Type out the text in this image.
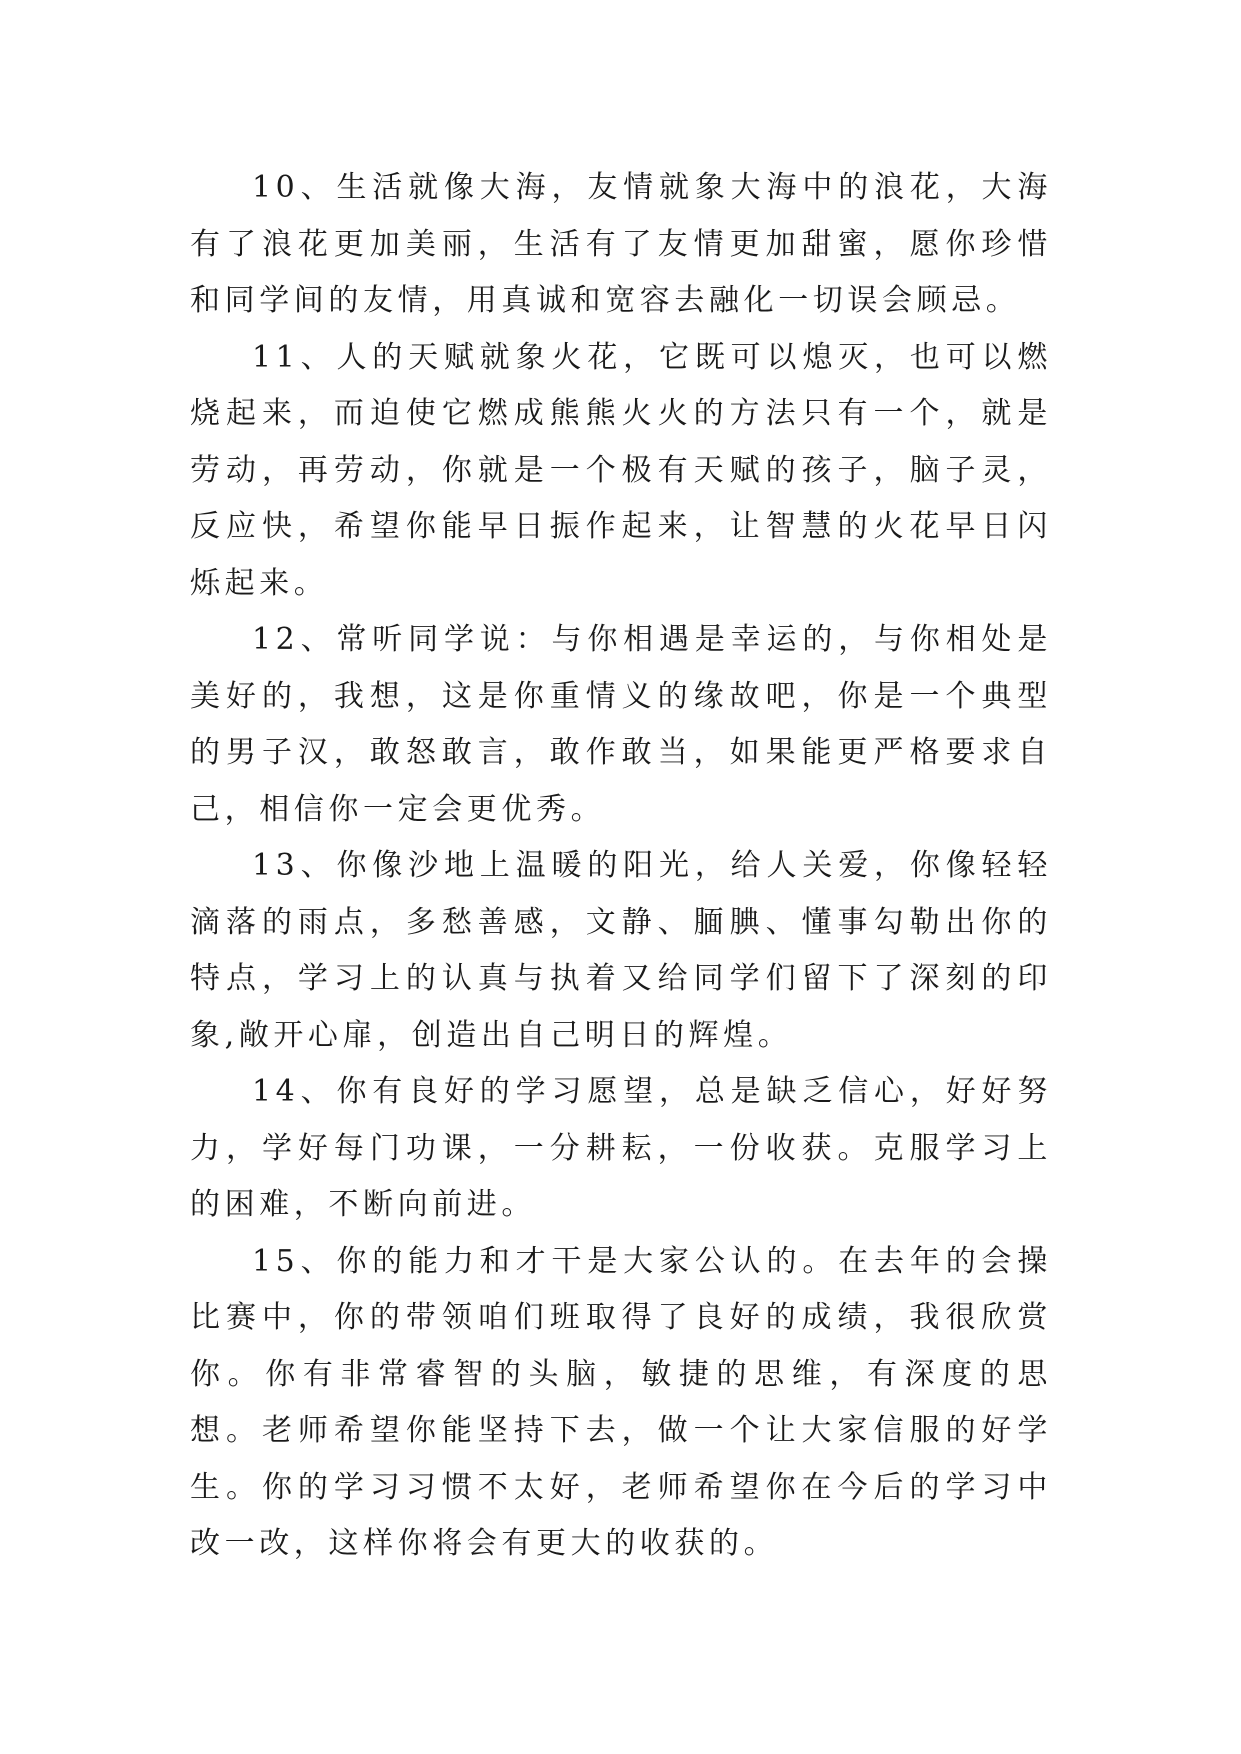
10、生活就像大海，友情就象大海中的浪花，大海有了浪花更加美丽，生活有了友情更加甜蜜，愿你珍惜和同学间的友情，用真诚和宽容去融化一切误会顾忌。

11、人的天赋就象火花，它既可以熄灭，也可以燃烧起来，而迫使它燃成熊熊火火的方法只有一个，就是劳动，再劳动，你就是一个极有天赋的孩子，脑子灵，反应快，希望你能早日振作起来，让智慧的火花早日闪烁起来。

12、常听同学说：与你相遇是幸运的，与你相处是美好的，我想，这是你重情义的缘故吧，你是一个典型的男子汉，敢怒敢言，敢作敢当，如果能更严格要求自己，相信你一定会更优秀。

13、你像沙地上温暖的阳光，给人关爱，你像轻轻滴落的雨点，多愁善感，文静、腼腆、懂事勾勒出你的特点，学习上的认真与执着又给同学们留下了深刻的印象,敞开心扉，创造出自己明日的辉煌。

14、你有良好的学习愿望，总是缺乏信心，好好努力，学好每门功课，一分耕耘，一份收获。克服学习上的困难，不断向前进。

15、你的能力和才干是大家公认的。在去年的会操比赛中，你的带领咱们班取得了良好的成绩，我很欣赏你。你有非常睿智的头脑，敏捷的思维，有深度的思想。老师希望你能坚持下去，做一个让大家信服的好学生。你的学习习惯不太好，老师希望你在今后的学习中改一改，这样你将会有更大的收获的。
